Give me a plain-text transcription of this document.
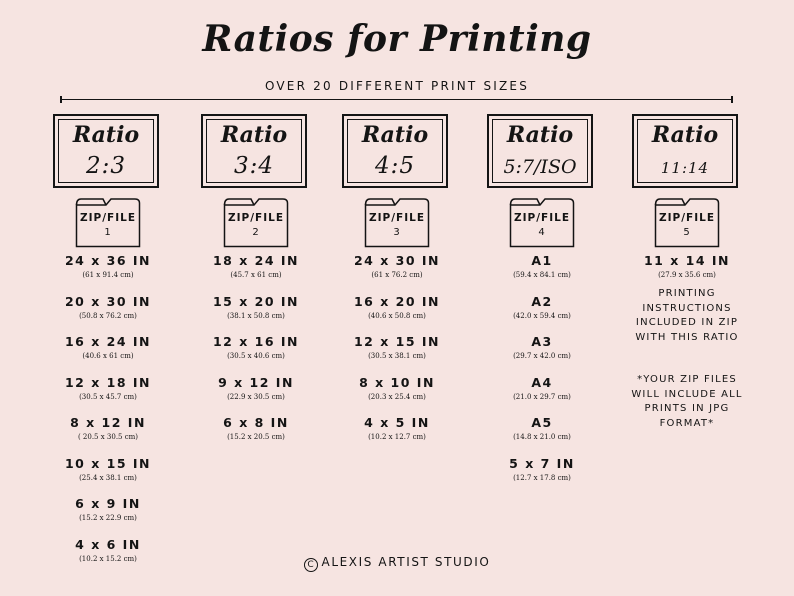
Ratios for Printing
OVER 20 DIFFERENT PRINT SIZES
Ratio
2:3
ZIP/FILE
1
24 x 36 IN
(61 x 91.4 cm)
20 x 30 IN
(50.8 x 76.2 cm)
16 x 24 IN
(40.6 x 61 cm)
12 x 18 IN
(30.5 x 45.7 cm)
8 x 12 IN
( 20.5 x 30.5 cm)
10 x 15 IN
(25.4 x 38.1 cm)
6 x 9 IN
(15.2 x 22.9 cm)
4 x 6 IN
(10.2 x 15.2 cm)
Ratio
3:4
ZIP/FILE
2
18 x 24 IN
(45.7 x 61 cm)
15 x 20 IN
(38.1 x 50.8 cm)
12 x 16 IN
(30.5 x 40.6 cm)
9 x 12 IN
(22.9 x 30.5 cm)
6 x 8 IN
(15.2 x 20.5 cm)
Ratio
4:5
ZIP/FILE
3
24 x 30 IN
(61 x 76.2 cm)
16 x 20 IN
(40.6 x 50.8 cm)
12 x 15 IN
(30.5 x 38.1 cm)
8 x 10 IN
(20.3 x 25.4 cm)
4 x 5 IN
(10.2 x 12.7 cm)
Ratio
5:7/ISO
ZIP/FILE
4
A1
(59.4 x 84.1 cm)
A2
(42.0 x 59.4 cm)
A3
(29.7 x 42.0 cm)
A4
(21.0 x 29.7 cm)
A5
(14.8 x 21.0 cm)
5 x 7 IN
(12.7 x 17.8 cm)
Ratio
11:14
ZIP/FILE
5
11 x 14 IN
(27.9 x 35.6 cm)
PRINTING INSTRUCTIONS INCLUDED IN ZIP WITH THIS RATIO
*YOUR ZIP FILES WILL INCLUDE ALL PRINTS IN JPG FORMAT*
C ALEXIS ARTIST STUDIO
